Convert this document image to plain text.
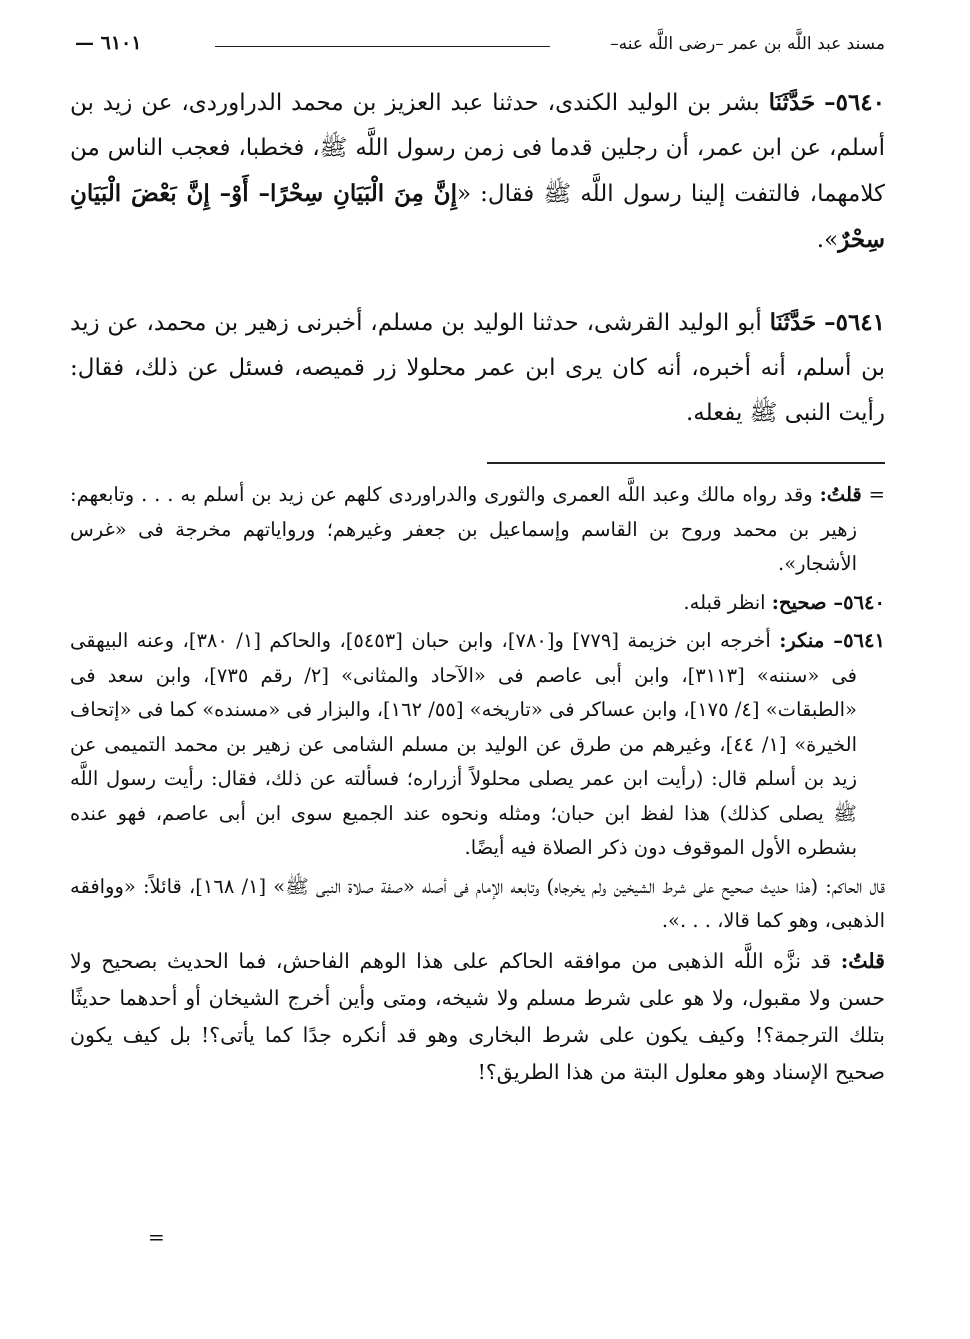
مسند عبد اللَّه بن عمر –رضى اللَّه عنه–
— ٦١٠١

٥٦٤٠– حَدَّثَنَا بشر بن الوليد الكندى، حدثنا عبد العزيز بن محمد الدراوردى، عن زيد بن أسلم، عن ابن عمر، أن رجلين قدما فى زمن رسول اللَّه ﷺ، فخطبا، فعجب الناس من كلامهما، فالتفت إلينا رسول اللَّه ﷺ فقال: «إِنَّ مِنَ الْبَيَانِ سِحْرًا– أَوْ– إِنَّ بَعْضَ الْبَيَانِ سِحْرٌ».

٥٦٤١– حَدَّثَنَا أبو الوليد القرشى، حدثنا الوليد بن مسلم، أخبرنى زهير بن محمد، عن زيد بن أسلم، أنه أخبره، أنه كان يرى ابن عمر محلولا زر قميصه، فسئل عن ذلك، فقال: رأيت النبى ﷺ يفعله.

= قلتُ: وقد رواه مالك وعبد اللَّه العمرى والثورى والدراوردى كلهم عن زيد بن أسلم به . . . وتابعهم: زهير بن محمد وروح بن القاسم وإسماعيل بن جعفر وغيرهم؛ ورواياتهم مخرجة فى «غرس الأشجار».

٥٦٤٠– صحيح: انظر قبله.

٥٦٤١– منكر: أخرجه ابن خزيمة [٧٧٩] و[٧٨٠]، وابن حبان [٥٤٥٣]، والحاكم [١/ ٣٨٠]، وعنه البيهقى فى «سننه» [٣١١٣]، وابن أبى عاصم فى «الآحاد والمثانى» [٢/ رقم ٧٣٥]، وابن سعد فى «الطبقات» [٤/ ١٧٥]، وابن عساكر فى «تاريخه» [٥٥/ ١٦٢]، والبزار فى «مسنده» كما فى «إتحاف الخيرة» [١/ ٤٤]، وغيرهم من طرق عن الوليد بن مسلم الشامى عن زهير بن محمد التميمى عن زيد بن أسلم قال: (رأيت ابن عمر يصلى محلولاً أزراره؛ فسألته عن ذلك، فقال: رأيت رسول اللَّه ﷺ يصلى كذلك) هذا لفظ ابن حبان؛ ومثله ونحوه عند الجميع سوى ابن أبى عاصم، فهو عنده بشطره الأول الموقوف دون ذكر الصلاة فيه أيضًا.

قال الحاكم: (هذا حديث صحيح على شرط الشيخين ولم يخرجاه) وتابعه الإمام فى أصله «صفة صلاة النبى ﷺ» [١/ ١٦٨]، قائلاً: «ووافقه الذهبى، وهو كما قالا، . . .».

قلتُ: قد نزَّه اللَّه الذهبى من موافقه الحاكم على هذا الوهم الفاحش، فما الحديث بصحيح ولا حسن ولا مقبول، ولا هو على شرط مسلم ولا شيخه، ومتى وأين أخرج الشيخان أو أحدهما حديثًا بتلك الترجمة؟! وكيف يكون على شرط البخارى وهو قد أنكره جدًا كما يأتى؟! بل كيف يكون صحيح الإسناد وهو معلول البتة من هذا الطريق؟!

=
